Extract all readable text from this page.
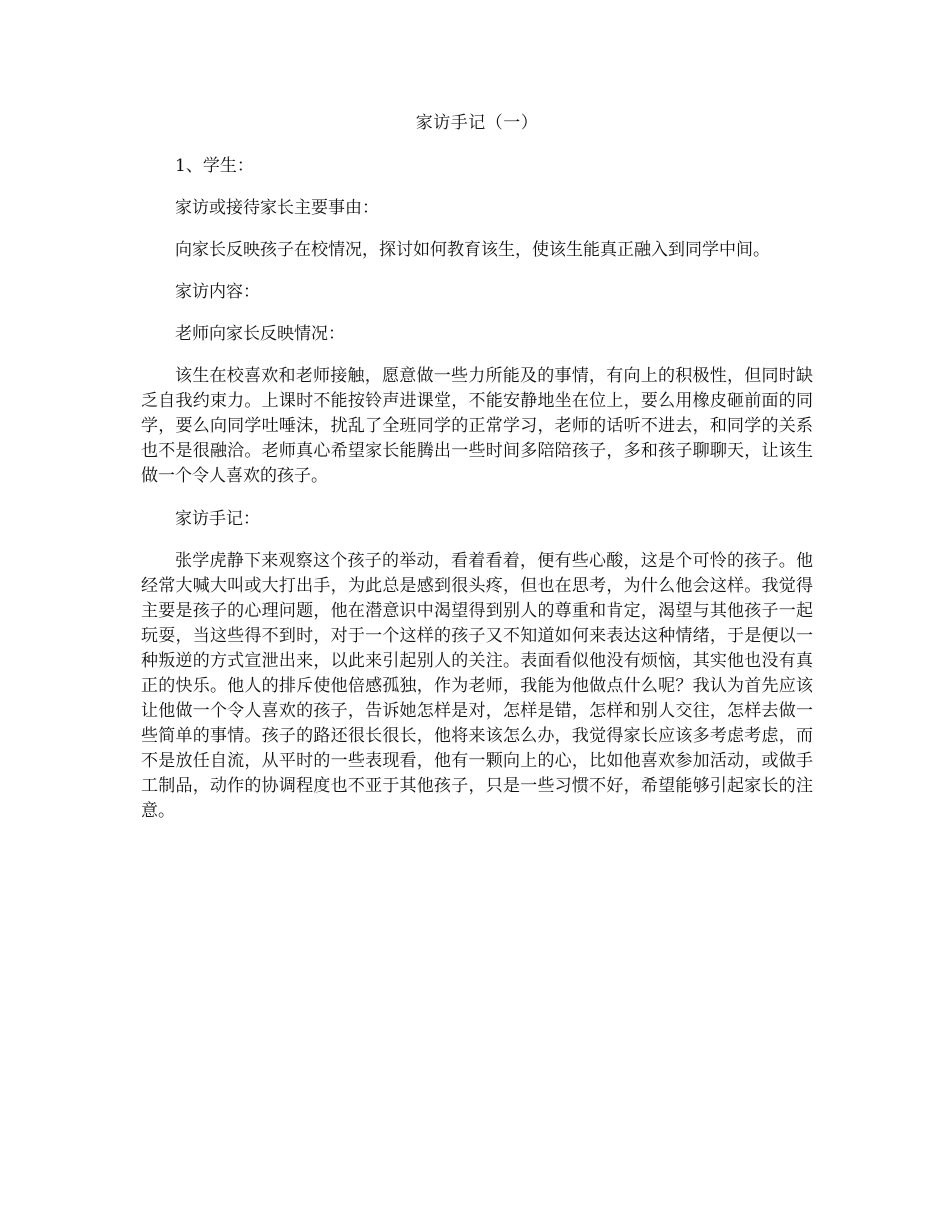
家访手记（一）

1、学生：

家访或接待家长主要事由：

向家长反映孩子在校情况，探讨如何教育该生，使该生能真正融入到同学中间。

家访内容：

老师向家长反映情况：

该生在校喜欢和老师接触，愿意做一些力所能及的事情，有向上的积极性，但同时缺乏自我约束力。上课时不能按铃声进课堂，不能安静地坐在位上，要么用橡皮砸前面的同学，要么向同学吐唾沫，扰乱了全班同学的正常学习，老师的话听不进去，和同学的关系也不是很融洽。老师真心希望家长能腾出一些时间多陪陪孩子，多和孩子聊聊天，让该生做一个令人喜欢的孩子。

家访手记：

张学虎静下来观察这个孩子的举动，看着看着，便有些心酸，这是个可怜的孩子。他经常大喊大叫或大打出手，为此总是感到很头疼，但也在思考，为什么他会这样。我觉得主要是孩子的心理问题，他在潜意识中渴望得到别人的尊重和肯定，渴望与其他孩子一起玩耍，当这些得不到时，对于一个这样的孩子又不知道如何来表达这种情绪，于是便以一种叛逆的方式宣泄出来，以此来引起别人的关注。表面看似他没有烦恼，其实他也没有真正的快乐。他人的排斥使他倍感孤独，作为老师，我能为他做点什么呢？我认为首先应该让他做一个令人喜欢的孩子，告诉她怎样是对，怎样是错，怎样和别人交往，怎样去做一些简单的事情。孩子的路还很长很长，他将来该怎么办，我觉得家长应该多考虑考虑，而不是放任自流，从平时的一些表现看，他有一颗向上的心，比如他喜欢参加活动，或做手工制品，动作的协调程度也不亚于其他孩子，只是一些习惯不好，希望能够引起家长的注意。
